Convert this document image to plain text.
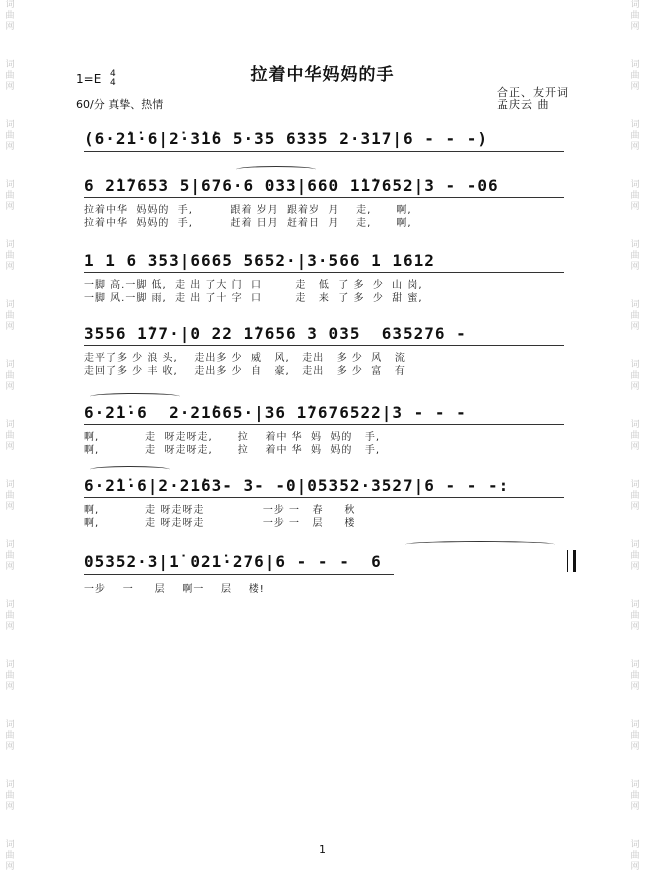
词
曲
网
词
曲
网
词
曲
网
词
曲
网
词
曲
网
词
曲
网
词
曲
网
词
曲
网
词
曲
网
词
曲
网
词
曲
网
词
曲
网
词
曲
网
词
曲
网
词
曲
网
词
曲
网
词
曲
网
词
曲
网
词
曲
网
词
曲
网
词
曲
网
词
曲
网
词
曲
网
词
曲
网
词
曲
网
词
曲
网
词
曲
网
词
曲
网
词
曲
网
词
曲
网
拉着中华妈妈的手
1=E 4
4
60/分 真挚、热情
合正、友开词
孟庆云 曲
(6·2̇1̇·6|2̇·3̇1̇6 5·35 6335 2·317|6 - - -)
6 2̇1̇7653 5|676·6 033|660 1̇1̇7652|3 - -06
拉着中华  妈妈的  手,         跟着 岁月  跟着岁  月    走,      啊,
拉着中华  妈妈的  手,         赶着 日月  赶着日  月    走,      啊,
1 1 6 353|6665 5652·|3·566 1 1612
一脚 高.一脚 低,  走 出 了大 门  口        走   低  了 多  少  山 岗,
一脚 风.一脚 雨,  走 出 了十 字  口        走   来  了 多  少  甜 蜜,
3556 1̇77·|0 22 1̇7656 3 035  635276 -
走平了多 少 浪 头,    走出多 少  威   风,   走出   多 少  风   流
走回了多 少 丰 收,    走出多 少  自   豪,   走出   多 少  富   有
6·2̇1̇·6  2·21̇665·|36 1̇7676522|3 - - -
啊,           走  呀走呀走,      拉    着中 华  妈  妈的   手,
啊,           走  呀走呀走,      拉    着中 华  妈  妈的   手,
6·2̇1̇·6|2·21̇63- 3- -0|05352·3527|6 - - -:
啊,           走 呀走呀走              一步 一   春     秋
啊,           走 呀走呀走              一步 一   层     楼
05352·3|1̇ 021̇·276|6 - - -  6
一步    一     层    啊一    层    楼!
1
